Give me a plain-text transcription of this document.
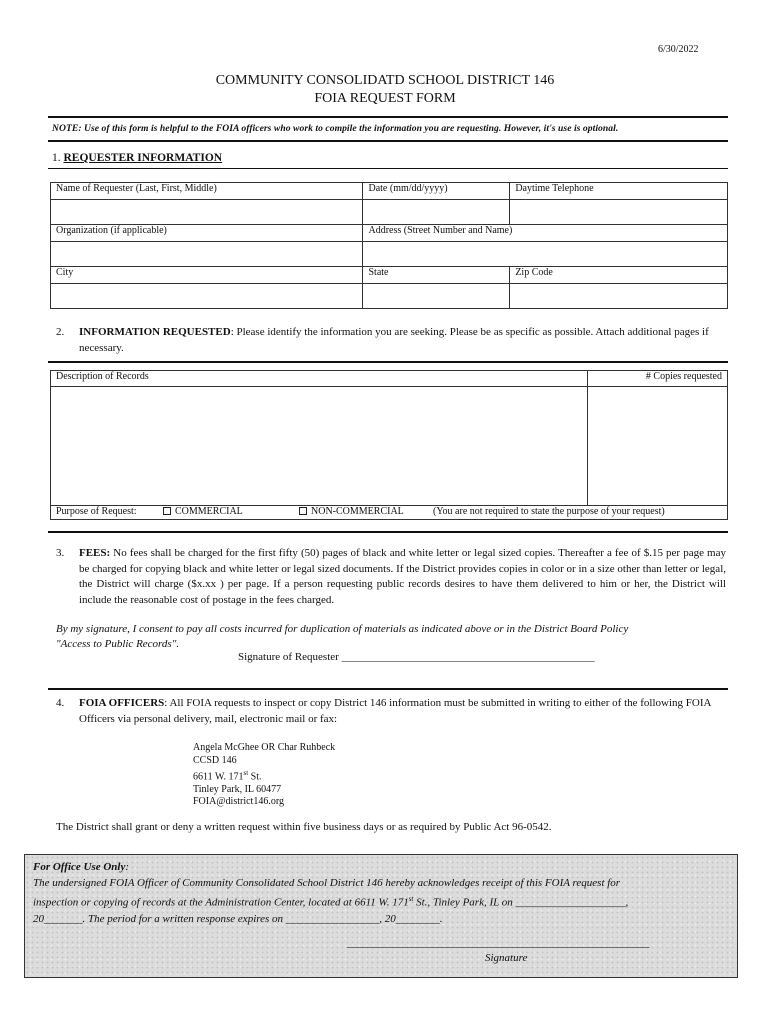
6/30/2022
COMMUNITY CONSOLIDATD SCHOOL DISTRICT 146
FOIA REQUEST FORM
NOTE: Use of this form is helpful to the FOIA officers who work to compile the information you are requesting. However, it's use is optional.
1. REQUESTER INFORMATION
Name of Requester (Last, First, Middle)	Date (mm/dd/yyyy)	Daytime Telephone

Organization (if applicable)	Address (Street Number and Name)	

City	State	Zip Code

2. INFORMATION REQUESTED: Please identify the information you are seeking. Please be as specific as possible. Attach additional pages if necessary.
Description of Records	# Copies requested

Purpose of Request: COMMERCIAL NON-COMMERCIAL (You are not required to state the purpose of your request)	
3. FEES: No fees shall be charged for the first fifty (50) pages of black and white letter or legal sized copies. Thereafter a fee of $.15 per page may be charged for copying black and white letter or legal sized documents. If the District provides copies in color or in a size other than letter or legal, the District will charge ($x.xx ) per page. If a person requesting public records desires to have them delivered to him or her, the District will include the reasonable cost of postage in the fees charged.
By my signature, I consent to pay all costs incurred for duplication of materials as indicated above or in the District Board Policy
"Access to Public Records".
Signature of Requester ______________________________________________
4. FOIA OFFICERS: All FOIA requests to inspect or copy District 146 information must be submitted in writing to either of the following FOIA Officers via personal delivery, mail, electronic mail or fax:
Angela McGhee OR Char Ruhbeck
CCSD 146
6611 W. 171st St.
Tinley Park, IL 60477
FOIA@district146.org
The District shall grant or deny a written request within five business days or as required by Public Act 96-0542.
For Office Use Only:
The undersigned FOIA Officer of Community Consolidated School District 146 hereby acknowledges receipt of this FOIA request for
inspection or copying of records at the Administration Center, located at 6611 W. 171st St., Tinley Park, IL on ____________________,
20_______. The period for a written response expires on _________________, 20________.
_______________________________________________________
Signature
